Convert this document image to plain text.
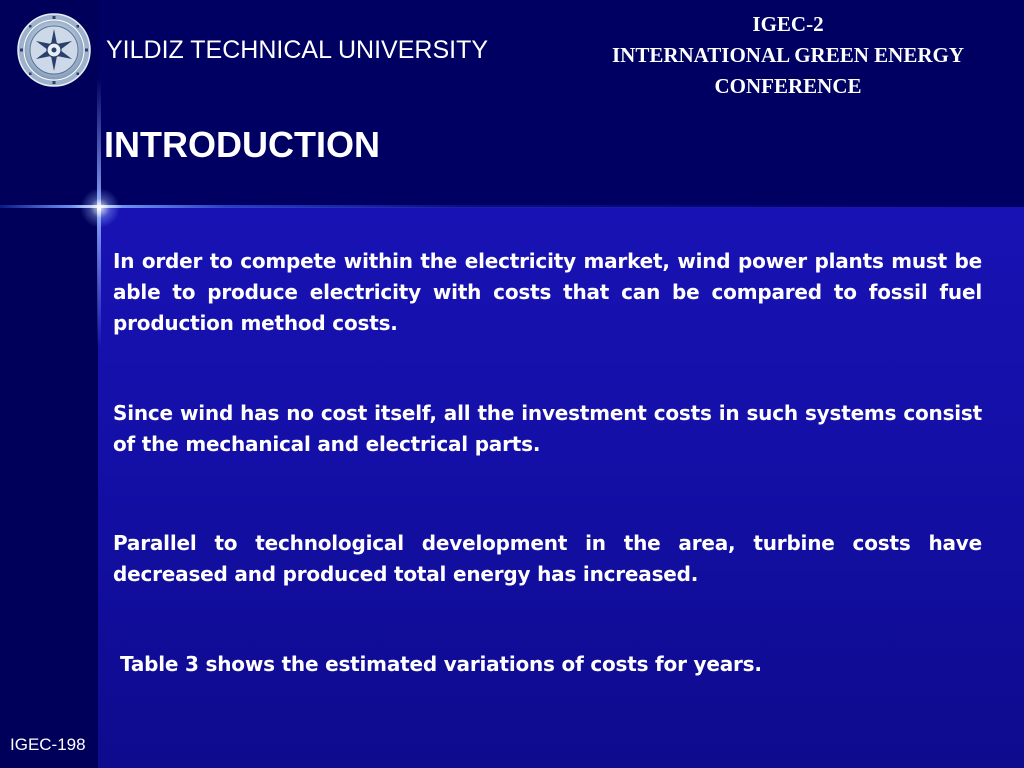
YILDIZ TECHNICAL UNIVERSITY
IGEC-2
INTERNATIONAL GREEN ENERGY
CONFERENCE
INTRODUCTION
In order to compete within the electricity market, wind power plants must be able to produce electricity with costs that can be compared to fossil fuel production method costs.
Since wind has no cost itself, all the investment costs in such systems consist of the mechanical and electrical parts.
Parallel to technological development in the area, turbine costs have decreased and produced total energy has increased.
Table 3 shows the estimated variations of costs for years.
IGEC-198
